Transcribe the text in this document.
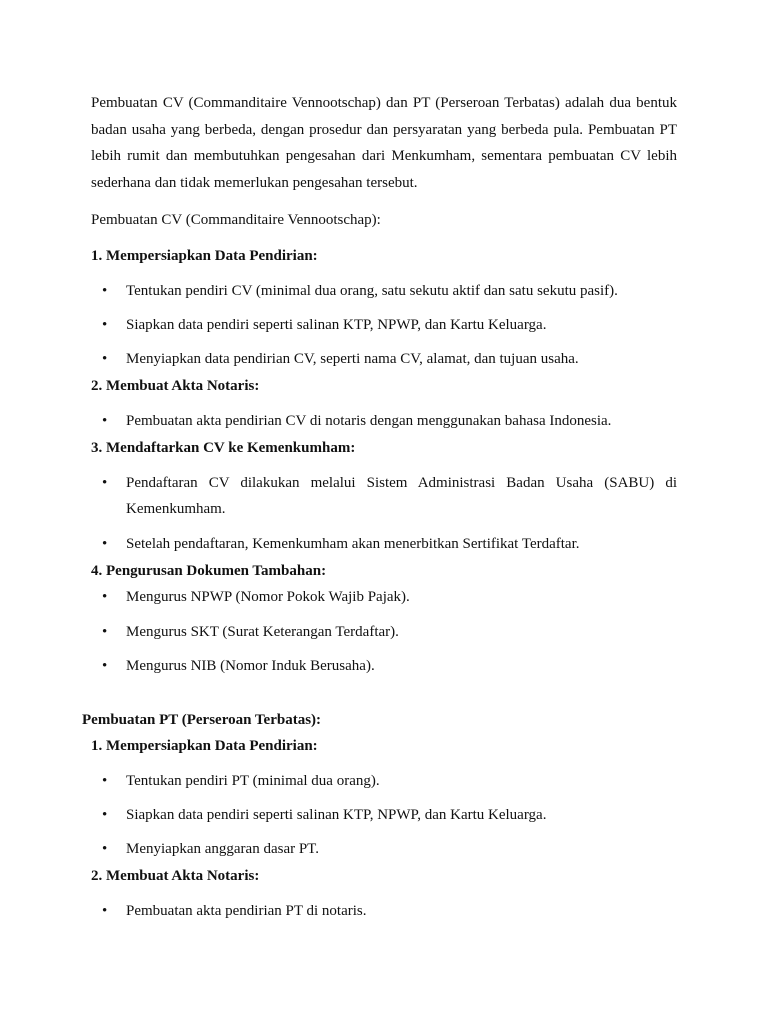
Pembuatan CV (Commanditaire Vennootschap) dan PT (Perseroan Terbatas) adalah dua bentuk
badan usaha yang berbeda, dengan prosedur dan persyaratan yang berbeda pula. Pembuatan PT
lebih rumit dan membutuhkan pengesahan dari Menkumham, sementara pembuatan CV lebih
sederhana dan tidak memerlukan pengesahan tersebut.
Pembuatan CV (Commanditaire Vennootschap):
1. Mempersiapkan Data Pendirian:
• Tentukan pendiri CV (minimal dua orang, satu sekutu aktif dan satu sekutu pasif).
• Siapkan data pendiri seperti salinan KTP, NPWP, dan Kartu Keluarga.
• Menyiapkan data pendirian CV, seperti nama CV, alamat, dan tujuan usaha.
2. Membuat Akta Notaris:
• Pembuatan akta pendirian CV di notaris dengan menggunakan bahasa Indonesia.
3. Mendaftarkan CV ke Kemenkumham:
• Pendaftaran CV dilakukan melalui Sistem Administrasi Badan Usaha (SABU) di
Kemenkumham.
• Setelah pendaftaran, Kemenkumham akan menerbitkan Sertifikat Terdaftar.
4. Pengurusan Dokumen Tambahan:
• Mengurus NPWP (Nomor Pokok Wajib Pajak).
• Mengurus SKT (Surat Keterangan Terdaftar).
• Mengurus NIB (Nomor Induk Berusaha).
Pembuatan PT (Perseroan Terbatas):
1. Mempersiapkan Data Pendirian:
• Tentukan pendiri PT (minimal dua orang).
• Siapkan data pendiri seperti salinan KTP, NPWP, dan Kartu Keluarga.
• Menyiapkan anggaran dasar PT.
2. Membuat Akta Notaris:
• Pembuatan akta pendirian PT di notaris.
